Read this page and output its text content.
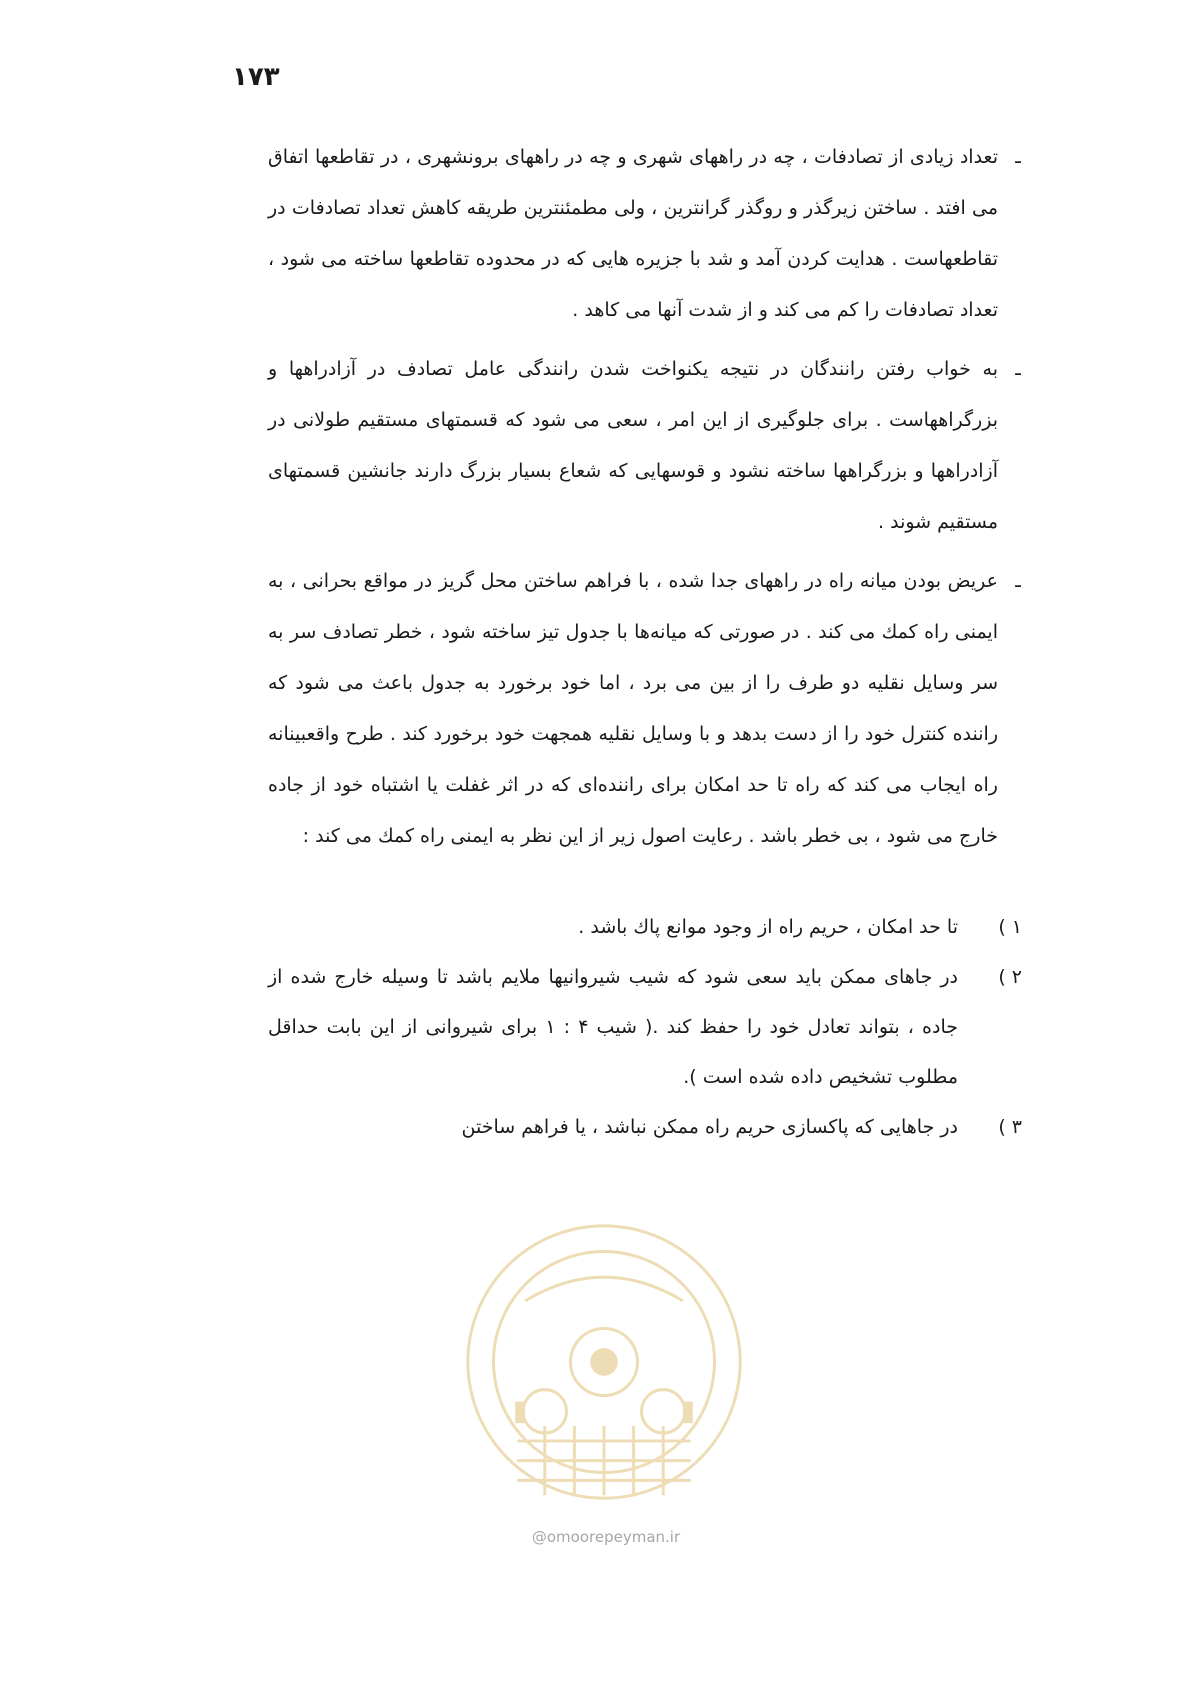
۱۷۳

ـ
تعداد زیادی از تصادفات ، چه در راههای شهری و چه در راههای برونشهری ، در تقاطعها اتفاق می افتد . ساختن زیرگذر و روگذر گرانترین ، ولی مطمئنترین طریقه کاهش تعداد تصادفات در تقاطعهاست . هدایت کردن آمد و شد با جزیره هایی که در محدوده تقاطعها ساخته می شود ، تعداد تصادفات را کم می کند و از شدت آنها می کاهد .

ـ
به خواب رفتن رانندگان در نتیجه یکنواخت شدن رانندگی عامل تصادف در آزادراهها و بزرگراههاست . برای جلوگیری از این امر ، سعی می شود که قسمتهای مستقیم طولانی در آزادراهها و بزرگراهها ساخته نشود و قوسهایی که شعاع بسیار بزرگ دارند جانشین قسمتهای مستقیم شوند .

ـ
عریض بودن میانه راه در راههای جدا شده ، با فراهم ساختن محل گریز در مواقع بحرانی ، به ایمنی راه کمك می کند . در صورتی که میانه‌ها با جدول تیز ساخته شود ، خطر تصادف سر به سر وسایل نقلیه دو طرف را از بین می برد ، اما خود برخورد به جدول باعث می شود که راننده کنترل خود را از دست بدهد و با وسایل نقلیه همجهت خود برخورد کند . طرح واقعبینانه راه ایجاب می کند که راه تا حد امکان برای راننده‌ای که در اثر غفلت یا اشتباه خود از جاده خارج می شود ، بی خطر باشد . رعایت اصول زیر از این نظر به ایمنی راه کمك می کند :

۱ )
تا حد امکان ، حریم راه از وجود موانع پاك باشد .

۲ )
در جاهای ممکن باید سعی شود که شیب شیروانیها ملایم باشد تا وسیله خارج شده از جاده ، بتواند تعادل خود را حفظ کند .( شیب ۴ : ۱ برای شیروانی از این بابت حداقل مطلوب تشخیص داده شده است ).

۳ )
در جاهایی که پاکسازی حریم راه ممکن نباشد ، یا فراهم ساختن

@omoorepeyman.ir
